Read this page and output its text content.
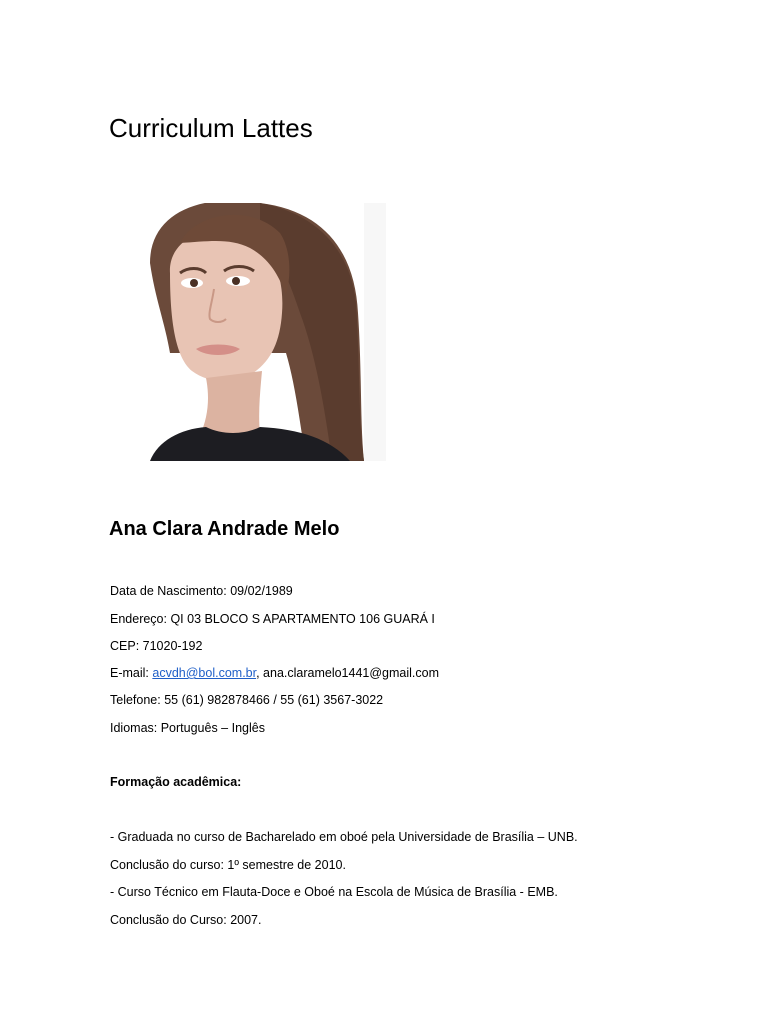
Curriculum Lattes
Ana Clara Andrade Melo
Data de Nascimento: 09/02/1989
Endereço: QI 03 BLOCO S APARTAMENTO 106 GUARÁ I
CEP: 71020-192
E-mail: acvdh@bol.com.br, ana.claramelo1441@gmail.com
Telefone: 55 (61) 982878466 / 55 (61) 3567-3022
Idiomas: Português – Inglês
Formação acadêmica:
- Graduada no curso de Bacharelado em oboé pela Universidade de Brasília – UNB.
Conclusão do curso: 1º semestre de 2010.
- Curso Técnico em Flauta-Doce e Oboé na Escola de Música de Brasília - EMB.
Conclusão do Curso: 2007.
